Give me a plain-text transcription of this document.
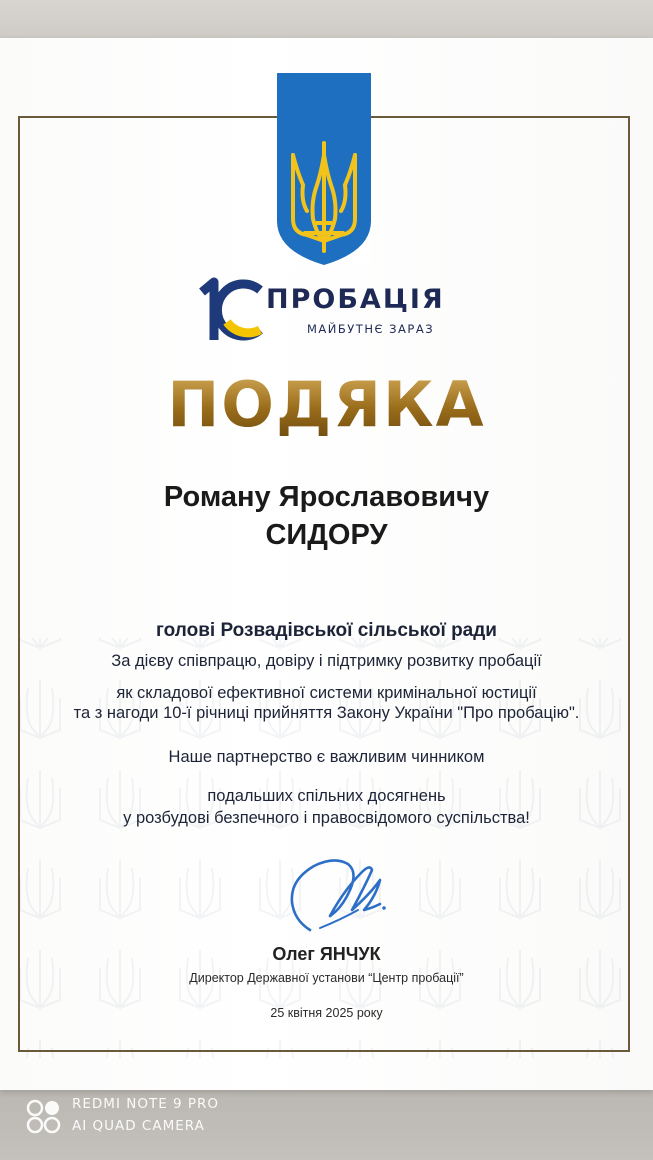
ПРОБАЦІЯ
МАЙБУТНЄ ЗАРАЗ
ПОДЯКА
Роману Ярославовичу
СИДОРУ
голові Розвадівської сільської ради
За дієву співпрацю, довіру і підтримку розвитку пробації
як складової ефективної системи кримінальної юстиції
та з нагоди 10-ї річниці прийняття Закону України "Про пробацію".
Наше партнерство є важливим чинником
подальших спільних досягнень
у розбудові безпечного і правосвідомого суспільства!
Олег ЯНЧУК
Директор Державної установи “Центр пробації”
25 квітня 2025 року
REDMI NOTE 9 PRO
AI QUAD CAMERA
